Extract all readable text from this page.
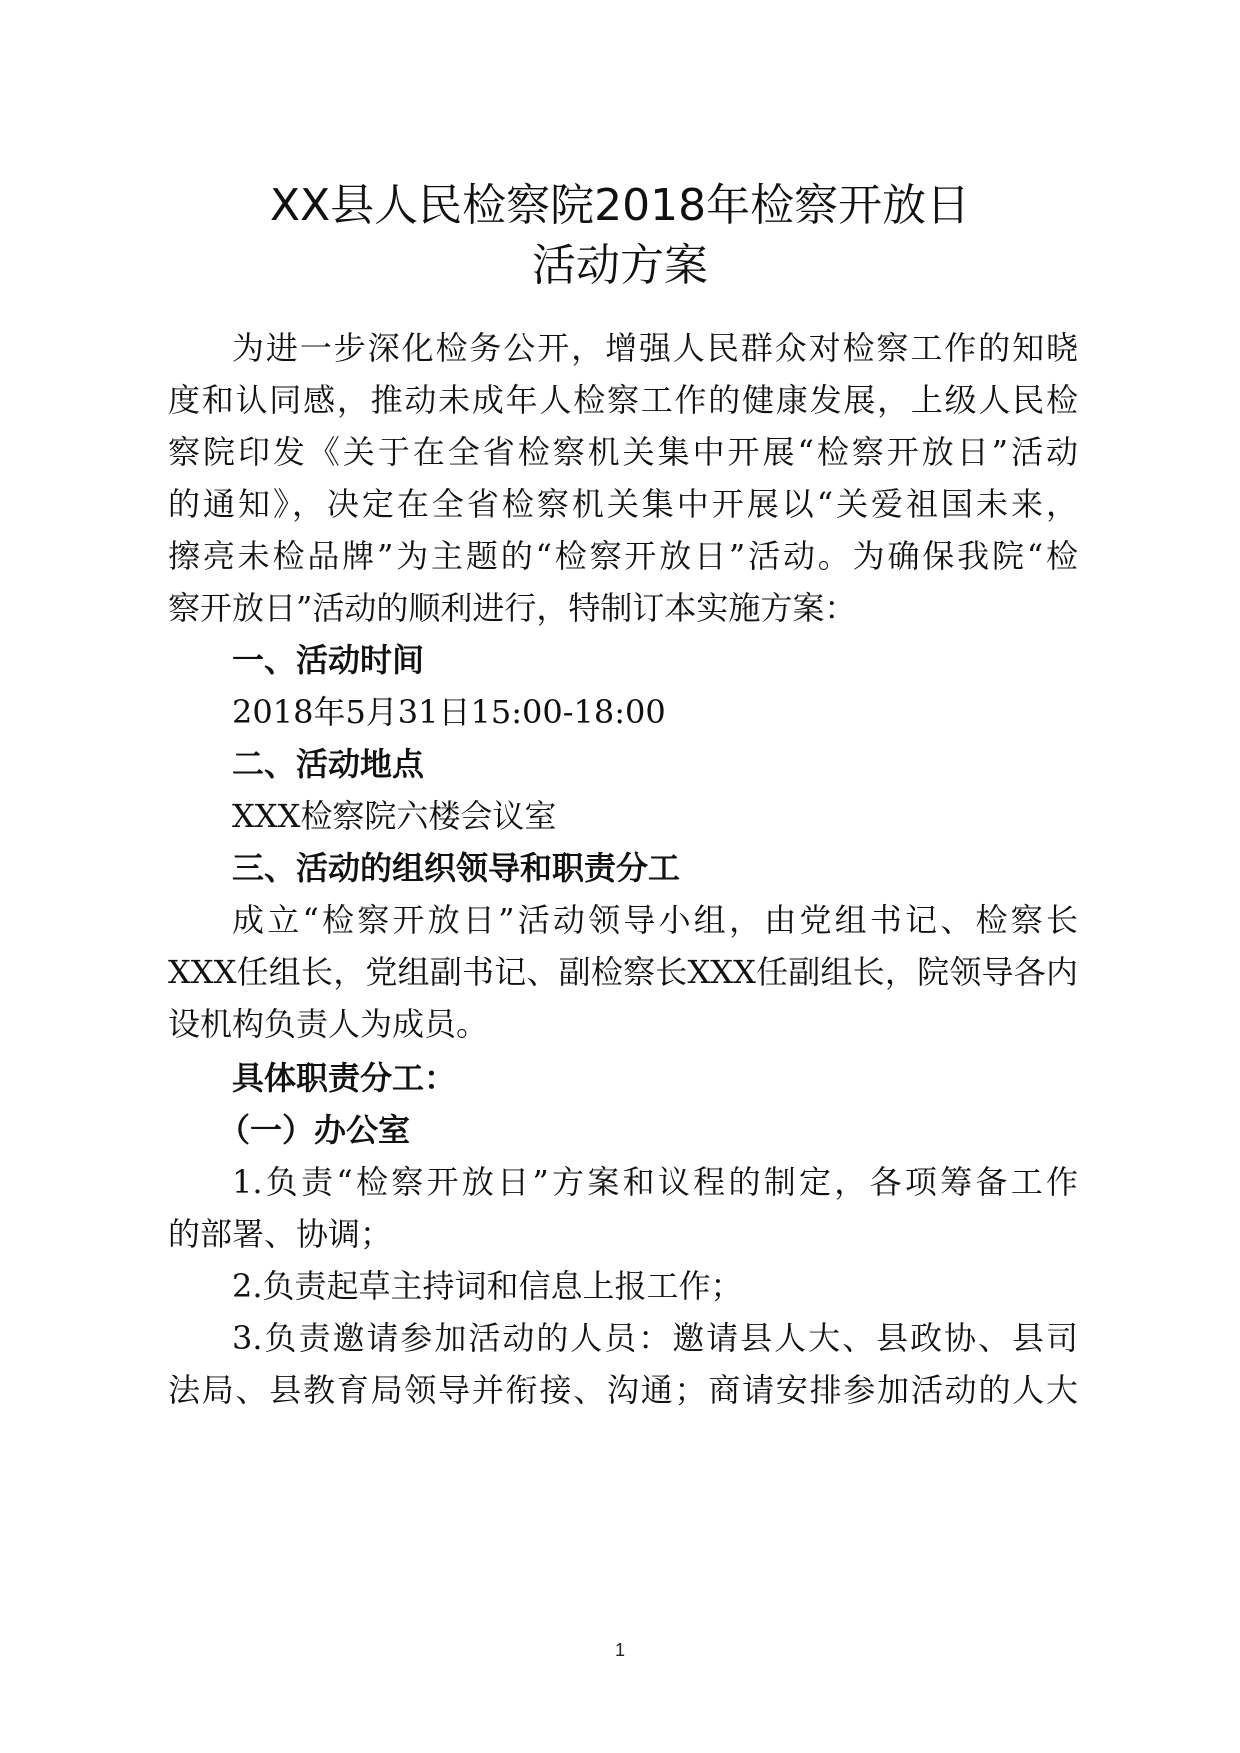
XX县人民检察院2018年检察开放日
活动方案
为进一步深化检务公开，增强人民群众对检察工作的知晓
度和认同感，推动未成年人检察工作的健康发展，上级人民检
察院印发《关于在全省检察机关集中开展“检察开放日”活动
的通知》，决定在全省检察机关集中开展以“关爱祖国未来，
擦亮未检品牌”为主题的“检察开放日”活动。为确保我院“检
察开放日”活动的顺利进行，特制订本实施方案：
一、活动时间
2018年5月31日15:00-18:00
二、活动地点
XXX检察院六楼会议室
三、活动的组织领导和职责分工
成立“检察开放日”活动领导小组，由党组书记、检察长
XXX任组长，党组副书记、副检察长XXX任副组长，院领导各内
设机构负责人为成员。
具体职责分工：
（一）办公室
1.负责“检察开放日”方案和议程的制定，各项筹备工作
的部署、协调；
2.负责起草主持词和信息上报工作；
3.负责邀请参加活动的人员：邀请县人大、县政协、县司
法局、县教育局领导并衔接、沟通；商请安排参加活动的人大
1
